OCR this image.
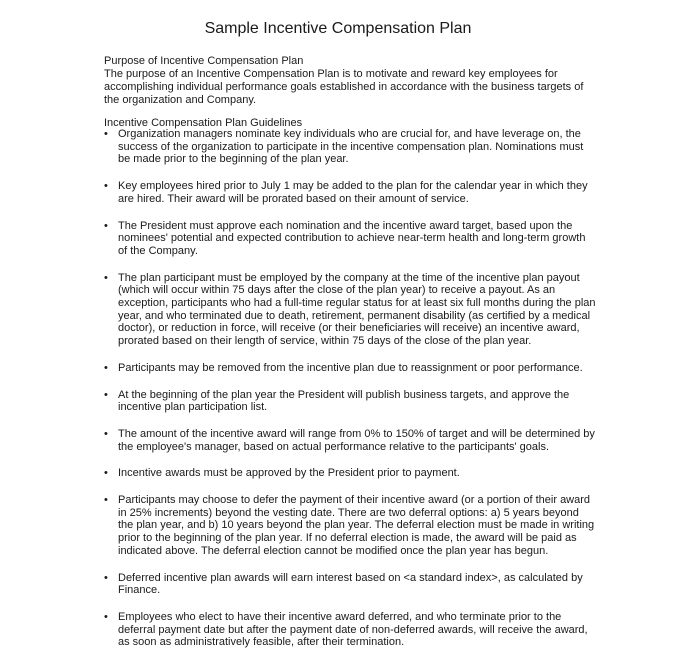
Sample Incentive Compensation Plan

Purpose of Incentive Compensation Plan

The purpose of an Incentive Compensation Plan is to motivate and reward key employees for accomplishing individual performance goals established in accordance with the business targets of the organization and Company.

Incentive Compensation Plan Guidelines

• Organization managers nominate key individuals who are crucial for, and have leverage on, the success of the organization to participate in the incentive compensation plan. Nominations must be made prior to the beginning of the plan year.
• Key employees hired prior to July 1 may be added to the plan for the calendar year in which they are hired. Their award will be prorated based on their amount of service.
• The President must approve each nomination and the incentive award target, based upon the nominees' potential and expected contribution to achieve near-term health and long-term growth of the Company.
• The plan participant must be employed by the company at the time of the incentive plan payout (which will occur within 75 days after the close of the plan year) to receive a payout. As an exception, participants who had a full-time regular status for at least six full months during the plan year, and who terminated due to death, retirement, permanent disability (as certified by a medical doctor), or reduction in force, will receive (or their beneficiaries will receive) an incentive award, prorated based on their length of service, within 75 days of the close of the plan year.
• Participants may be removed from the incentive plan due to reassignment or poor performance.
• At the beginning of the plan year the President will publish business targets, and approve the incentive plan participation list.
• The amount of the incentive award will range from 0% to 150% of target and will be determined by the employee's manager, based on actual performance relative to the participants' goals.
• Incentive awards must be approved by the President prior to payment.
• Participants may choose to defer the payment of their incentive award (or a portion of their award in 25% increments) beyond the vesting date. There are two deferral options: a) 5 years beyond the plan year, and b) 10 years beyond the plan year. The deferral election must be made in writing prior to the beginning of the plan year. If no deferral election is made, the award will be paid as indicated above. The deferral election cannot be modified once the plan year has begun.
• Deferred incentive plan awards will earn interest based on <a standard index>, as calculated by Finance.
• Employees who elect to have their incentive award deferred, and who terminate prior to the deferral payment date but after the payment date of non-deferred awards, will receive the award, as soon as administratively feasible, after their termination.
